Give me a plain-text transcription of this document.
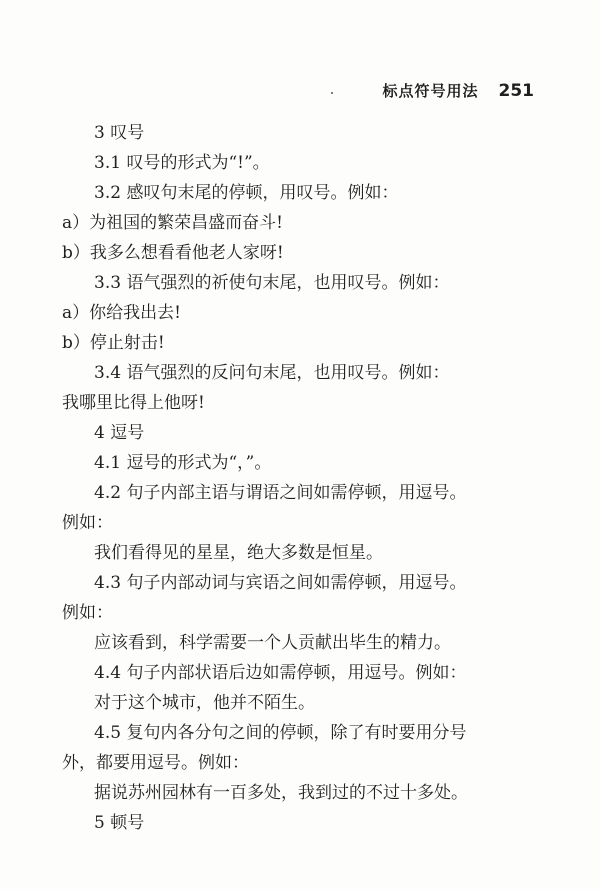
标点符号用法 251
3 叹号
3.1 叹号的形式为“!”。
3.2 感叹句末尾的停顿，用叹号。例如：
a）为祖国的繁荣昌盛而奋斗!
b）我多么想看看他老人家呀!
3.3 语气强烈的祈使句末尾，也用叹号。例如：
a）你给我出去!
b）停止射击!
3.4 语气强烈的反问句末尾，也用叹号。例如：
我哪里比得上他呀!
4 逗号
4.1 逗号的形式为“，”。
4.2 句子内部主语与谓语之间如需停顿，用逗号。
例如：
我们看得见的星星，绝大多数是恒星。
4.3 句子内部动词与宾语之间如需停顿，用逗号。
例如：
应该看到，科学需要一个人贡献出毕生的精力。
4.4 句子内部状语后边如需停顿，用逗号。例如：
对于这个城市，他并不陌生。
4.5 复句内各分句之间的停顿，除了有时要用分号
外，都要用逗号。例如：
据说苏州园林有一百多处，我到过的不过十多处。
5 顿号
